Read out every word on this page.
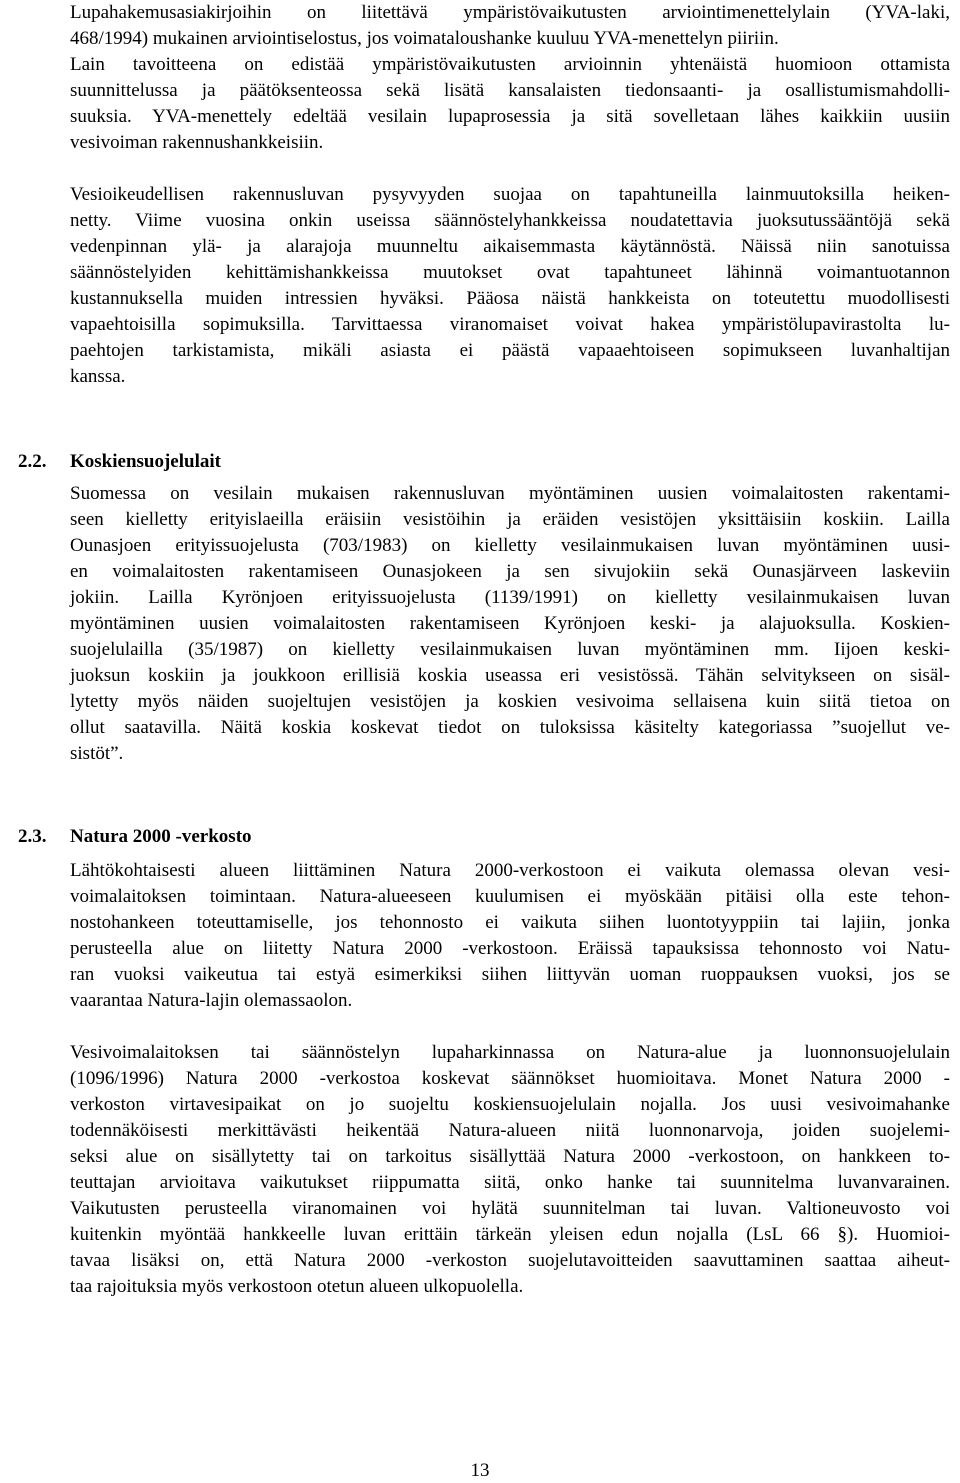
Lupahakemusasiakirjoihin on liitettävä ympäristövaikutusten arviointimenettelylain (YVA-laki,
468/1994) mukainen arviointiselostus, jos voimataloushanke kuuluu YVA-menettelyn piiriin.
Lain tavoitteena on edistää ympäristövaikutusten arvioinnin yhtenäistä huomioon ottamista
suunnittelussa ja päätöksenteossa sekä lisätä kansalaisten tiedonsaanti- ja osallistumismahdolli-
suuksia. YVA-menettely edeltää vesilain lupaprosessia ja sitä sovelletaan lähes kaikkiin uusiin
vesivoiman rakennushankkeisiin.
Vesioikeudellisen rakennusluvan pysyvyyden suojaa on tapahtuneilla lainmuutoksilla heiken-
netty. Viime vuosina onkin useissa säännöstelyhankkeissa noudatettavia juoksutussääntöjä sekä
vedenpinnan ylä- ja alarajoja muunneltu aikaisemmasta käytännöstä. Näissä niin sanotuissa
säännöstelyiden kehittämishankkeissa muutokset ovat tapahtuneet lähinnä voimantuotannon
kustannuksella muiden intressien hyväksi. Pääosa näistä hankkeista on toteutettu muodollisesti
vapaehtoisilla sopimuksilla. Tarvittaessa viranomaiset voivat hakea ympäristölupavirastolta lu-
paehtojen tarkistamista, mikäli asiasta ei päästä vapaaehtoiseen sopimukseen luvanhaltijan
kanssa.
2.2. Koskiensuojelulait
Suomessa on vesilain mukaisen rakennusluvan myöntäminen uusien voimalaitosten rakentami-
seen kielletty erityislaeilla eräisiin vesistöihin ja eräiden vesistöjen yksittäisiin koskiin. Lailla
Ounasjoen erityissuojelusta (703/1983) on kielletty vesilainmukaisen luvan myöntäminen uusi-
en voimalaitosten rakentamiseen Ounasjokeen ja sen sivujokiin sekä Ounasjärveen laskeviin
jokiin. Lailla Kyrönjoen erityissuojelusta (1139/1991) on kielletty vesilainmukaisen luvan
myöntäminen uusien voimalaitosten rakentamiseen Kyrönjoen keski- ja alajuoksulla. Koskien-
suojelulailla (35/1987) on kielletty vesilainmukaisen luvan myöntäminen mm. Iijoen keski-
juoksun koskiin ja joukkoon erillisiä koskia useassa eri vesistössä. Tähän selvitykseen on sisäl-
lytetty myös näiden suojeltujen vesistöjen ja koskien vesivoima sellaisena kuin siitä tietoa on
ollut saatavilla. Näitä koskia koskevat tiedot on tuloksissa käsitelty kategoriassa ”suojellut ve-
sistöt”.
2.3. Natura 2000 -verkosto
Lähtökohtaisesti alueen liittäminen Natura 2000-verkostoon ei vaikuta olemassa olevan vesi-
voimalaitoksen toimintaan. Natura-alueeseen kuulumisen ei myöskään pitäisi olla este tehon-
nostohankeen toteuttamiselle, jos tehonnosto ei vaikuta siihen luontotyyppiin tai lajiin, jonka
perusteella alue on liitetty Natura 2000 -verkostoon. Eräissä tapauksissa tehonnosto voi Natu-
ran vuoksi vaikeutua tai estyä esimerkiksi siihen liittyvän uoman ruoppauksen vuoksi, jos se
vaarantaa Natura-lajin olemassaolon.
Vesivoimalaitoksen tai säännöstelyn lupaharkinnassa on Natura-alue ja luonnonsuojelulain
(1096/1996) Natura 2000 -verkostoa koskevat säännökset huomioitava. Monet Natura 2000 -
verkoston virtavesipaikat on jo suojeltu koskiensuojelulain nojalla. Jos uusi vesivoimahanke
todennäköisesti merkittävästi heikentää Natura-alueen niitä luonnonarvoja, joiden suojelemi-
seksi alue on sisällytetty tai on tarkoitus sisällyttää Natura 2000 -verkostoon, on hankkeen to-
teuttajan arvioitava vaikutukset riippumatta siitä, onko hanke tai suunnitelma luvanvarainen.
Vaikutusten perusteella viranomainen voi hylätä suunnitelman tai luvan. Valtioneuvosto voi
kuitenkin myöntää hankkeelle luvan erittäin tärkeän yleisen edun nojalla (LsL 66 §). Huomioi-
tavaa lisäksi on, että Natura 2000 -verkoston suojelutavoitteiden saavuttaminen saattaa aiheut-
taa rajoituksia myös verkostoon otetun alueen ulkopuolella.
13
